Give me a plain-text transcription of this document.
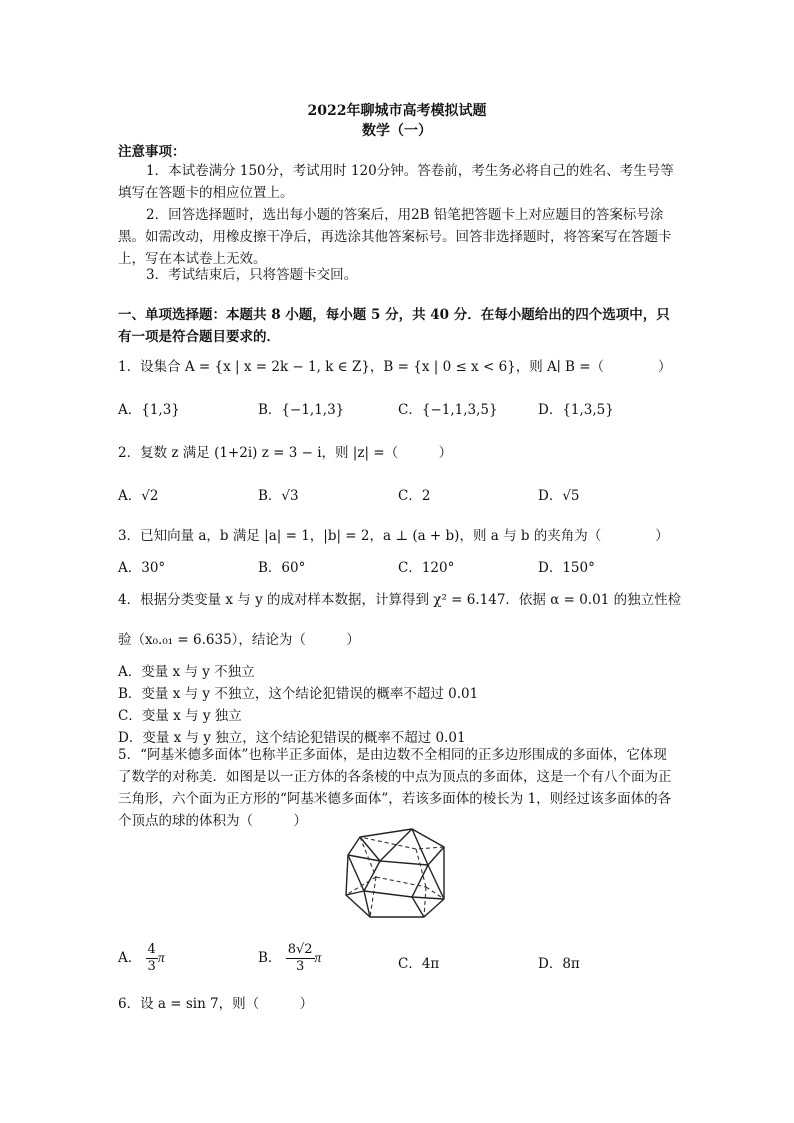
2022年聊城市高考模拟试题
数学（一）
注意事项：
1．本试卷满分 150分，考试用时 120分钟。答卷前，考生务必将自己的姓名、考生号等填写在答题卡的相应位置上。
2．回答选择题时，选出每小题的答案后，用2B 铅笔把答题卡上对应题目的答案标号涂黑。如需改动，用橡皮擦干净后，再选涂其他答案标号。回答非选择题时，将答案写在答题卡上，写在本试卷上无效。
3．考试结束后，只将答题卡交回。
一、单项选择题：本题共 8 小题，每小题 5 分，共 40 分．在每小题给出的四个选项中，只有一项是符合题目要求的．
1．设集合 A = {x | x = 2k − 1, k ∈ Z}，B = {x | 0 ≤ x < 6}，则 A∣ B =（　　　　）
A．{1,3}	B．{−1,1,3}	C．{−1,1,3,5}	D．{1,3,5}
2．复数 z 满足 (1+2i) z = 3 − i，则 |z| =（　　　）
A．√2	B．√3	C．2	D．√5
3．已知向量 a，b 满足 |a| = 1，|b| = 2，a ⊥ (a + b)，则 a 与 b 的夹角为（　　　　）
A．30°	B．60°	C．120°	D．150°
4．根据分类变量 x 与 y 的成对样本数据，计算得到 χ² = 6.147．依据 α = 0.01 的独立性检
验（x₀.₀₁ = 6.635），结论为（　　　）
A．变量 x 与 y 不独立
B．变量 x 与 y 不独立，这个结论犯错误的概率不超过 0.01
C．变量 x 与 y 独立
D．变量 x 与 y 独立，这个结论犯错误的概率不超过 0.01
5．“阿基米德多面体”也称半正多面体，是由边数不全相同的正多边形围成的多面体，它体现了数学的对称美．如图是以一正方体的各条棱的中点为顶点的多面体，这是一个有八个面为正三角形，六个面为正方形的“阿基米德多面体”，若该多面体的棱长为 1，则经过该多面体的各个顶点的球的体积为（　　　）
A． $\frac{4}{3}$ π	B． $\frac{8√2}{3}$ π	C．4π	D．8π
6．设 a = sin 7，则（　　　）
